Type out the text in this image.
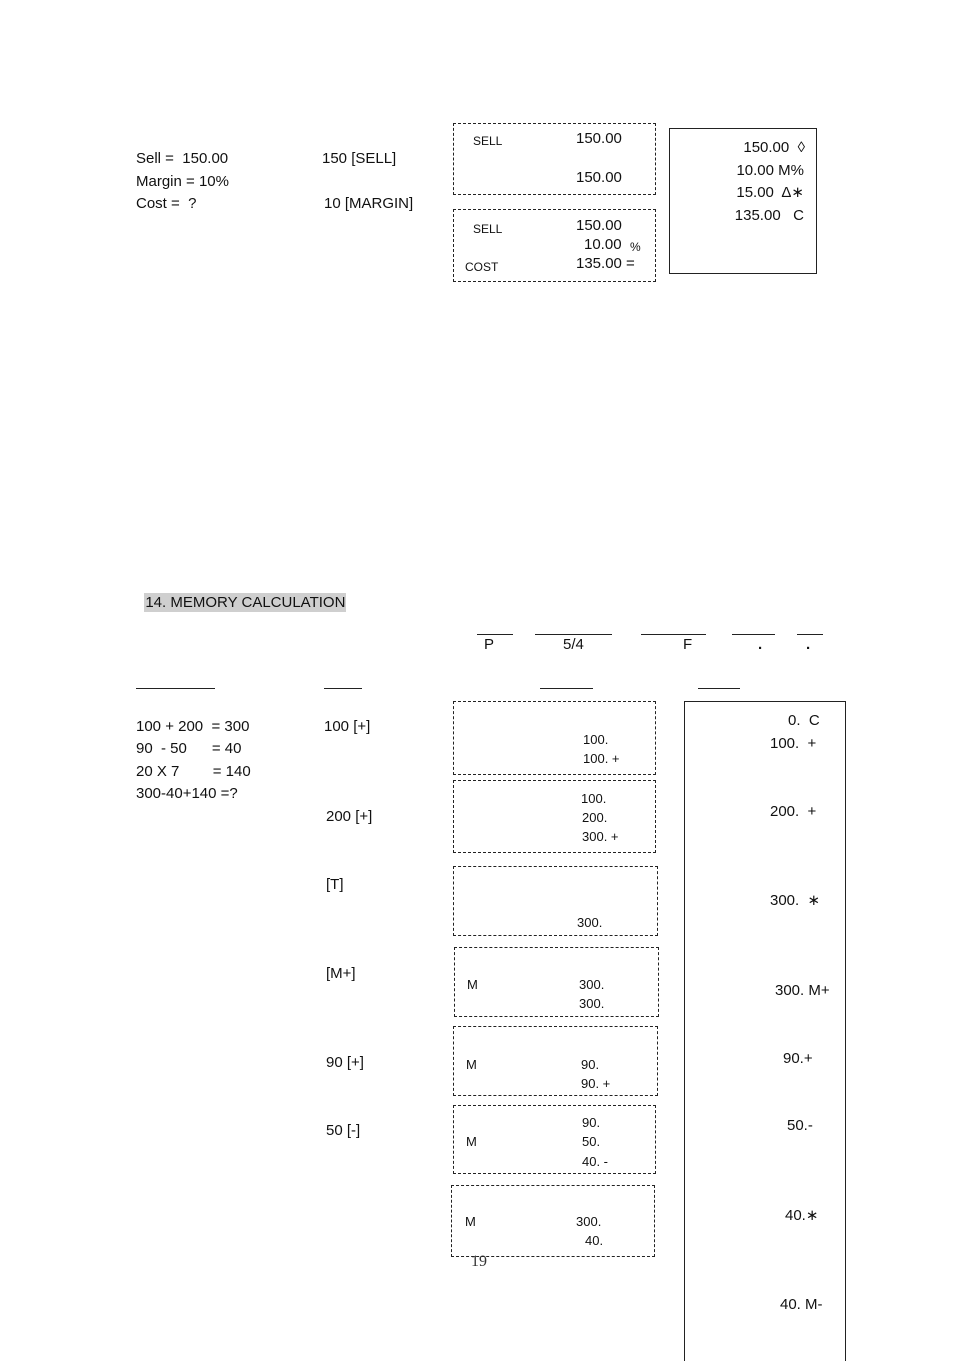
Sell =  150.00
Margin = 10%
Cost =  ?
150 [SELL]
10 [MARGIN]
SELL	150.00
150.00
SELL	150.00
10.00 %
COST	135.00 =
150.00  ◊
10.00 M%
15.00  Δ∗
135.00   C

14. MEMORY CALCULATION

P	5/4	F	.	.
100 + 200  = 300
90  - 50      = 40
20 X 7        = 140
300-40+140 =?
100 [+]
200 [+]
[T]
[M+]
90 [+]
50 [-]
100.
100. +
100.
200.
300. +
300.
M	300.
300.
M	90.
90. +
M
90.
50.
40. -
M	300.
40.
19
0.  C
100.  +
200.  +
300.  ∗
300. M+
90.+
50.-
40.∗
40. M-
